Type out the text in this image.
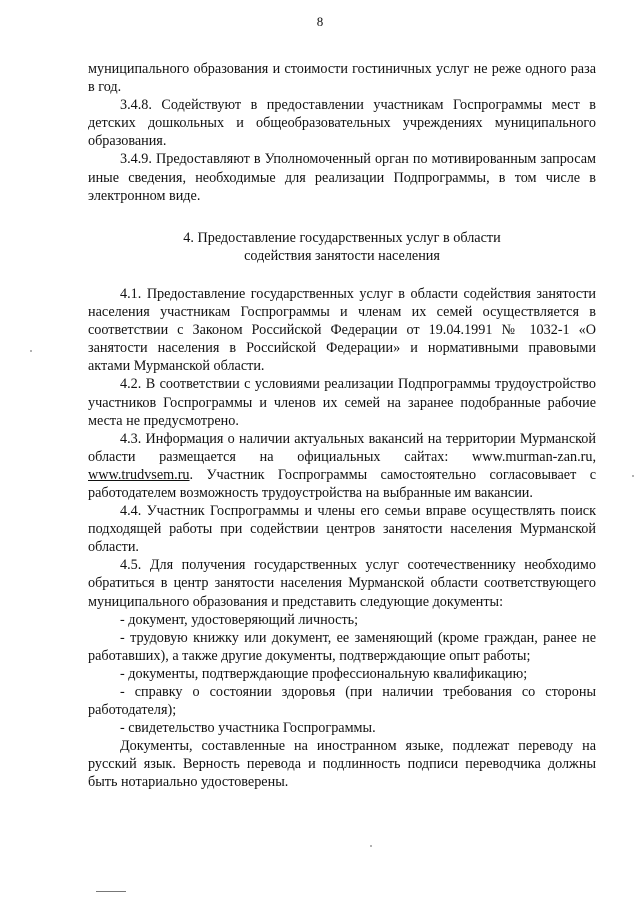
8

муниципального образования и стоимости гостиничных услуг не реже одного раза в год.

3.4.8. Содействуют в предоставлении участникам Госпрограммы мест в детских дошкольных и общеобразовательных учреждениях муниципального образования.

3.4.9. Предоставляют в Уполномоченный орган по мотивированным запросам иные сведения, необходимые для реализации Подпрограммы, в том числе в электронном виде.

4. Предоставление государственных услуг в области
содействия занятости населения

4.1. Предоставление государственных услуг в области содействия занятости населения участникам Госпрограммы и членам их семей осуществляется в соответствии с Законом Российской Федерации от 19.04.1991 № 1032-1 «О занятости населения в Российской Федерации» и нормативными правовыми актами Мурманской области.

4.2. В соответствии с условиями реализации Подпрограммы трудоустройство участников Госпрограммы и членов их семей на заранее подобранные рабочие места не предусмотрено.

4.3. Информация о наличии актуальных вакансий на территории Мурманской области размещается на официальных сайтах: www.murman-zan.ru, www.trudvsem.ru. Участник Госпрограммы самостоятельно согласовывает с работодателем возможность трудоустройства на выбранные им вакансии.

4.4. Участник Госпрограммы и члены его семьи вправе осуществлять поиск подходящей работы при содействии центров занятости населения Мурманской области.

4.5. Для получения государственных услуг соотечественнику необходимо обратиться в центр занятости населения Мурманской области соответствующего муниципального образования и представить следующие документы:

- документ, удостоверяющий личность;

- трудовую книжку или документ, ее заменяющий (кроме граждан, ранее не работавших), а также другие документы, подтверждающие опыт работы;

- документы, подтверждающие профессиональную квалификацию;

- справку о состоянии здоровья (при наличии требования со стороны работодателя);

- свидетельство участника Госпрограммы.

Документы, составленные на иностранном языке, подлежат переводу на русский язык. Верность перевода и подлинность подписи переводчика должны быть нотариально удостоверены.
